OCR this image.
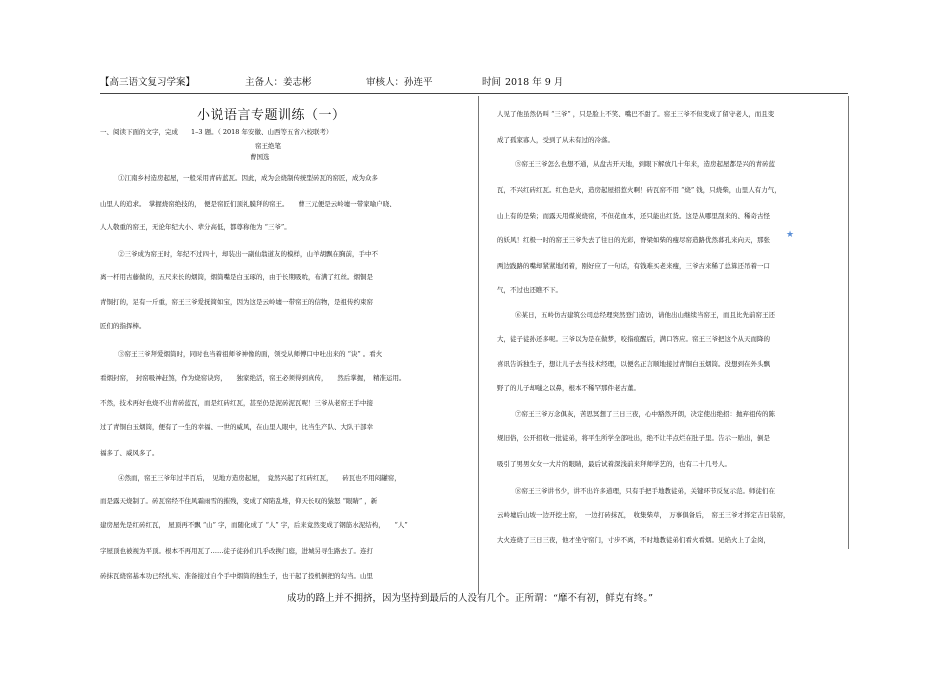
【高三语文复习学案】	主备人：姜志彬	审核人：孙连平	时间 2018 年 9 月
小说语言专题训练（一）
一、阅读下面的文字，完成　　1–3 题。（ 2018 年安徽、山西等五省六校联考）
窑王绝笔
曹国选
①江南乡村造房起屋，一般采用青砖蓝瓦。因此，成为会烧制传统型砖瓦的窑匠，成为众多
山里人的追求。　掌握烧窑绝技的，　便是窑匠们顶礼膜拜的窑王。　　曹三元便是云岭墟一带家喻户晓、
人人敬重的窑王，无论年纪大小、辈分高低，都尊称他为 “三爷”。
②三爷成为窑王时，年纪不过四十，却装出一副仙翁道友的模样，山羊胡飘在胸前，手中不
离一杆用古藤做的，五尺来长的烟筒，烟筒嘴是白玉琢的，由于长期吸吮，布满了红丝。烟铜是
青铜打的，足有一斤重，窑王三爷爱抚简如宝，因为这是云岭墟一带窑王的信物，是祖传约束窑
匠们的指挥棒。
③窑王三爷拜爱烟筒时，同时也当着祖师爷神像的面，领受从师傅口中吐出来的 “诀” 。看火
看烟封窑，　封窑吸神赶煞，作为烧窑诀窍，　　独家绝活，窑王必须得到真传，　　然后掌握，　精准运用。
不然，技术再好也烧不出青砖蓝瓦，而是红砖红瓦，甚至仍是泥砖泥瓦呢！三爷从老窑王手中接
过了青铜白玉烟筒，便有了一生的幸福、一世的威风，在山里人眼中，比当生产队、大队干部幸
福多了、威风多了。
④然而，窑王三爷年过半百后，　见地方造房起屋，　竟然兴起了红砖红瓦，　　砖瓦也不用闷罐窑，
而是露天烧制了。砖瓦窑经不住风霜雨雪的摧残，变成了窝陷乱堆，仰天长叹的猿怒 “眼睛” ，新
建房屋先是红砖红瓦，　屋顶再不飘 “山” 字，而随化成了 “人” 字，后来竟然变成了钢筋水泥结构，　　“人”
字屋顶也被视为平顶。根本不再用瓦了……徒子徒孙们几乎改换门庭，进城另寻生路去了。连打
砖抹瓦烧窑基本功已经扎实、准备接过自个手中烟筒的独生子，也干起了投机倒把的勾当。山里
人见了他虽然仍叫 “三爷” ，只是脸上不笑、嘴巴不甜了。窑王三爷不但变成了留守老人，而且变
成了孤家寡人，受到了从未有过的冷落。
⑤窑王三爷怎么也想不通，从盘古开天地，到眼下解放几十年来，造房起屋都是兴的青砖蓝
瓦，不兴红砖红瓦。红色是火，造房起屋招惹火啊！砖瓦窑不用 “烧” 钱，只烧柴，山里人有力气，
山上有的是柴；而露天用煤炭烧窑，不但花血本，还只能出红货。这是从哪里刮来的、稀奇古怪
的妖风！红极一时的窑王三爷失去了往日的光彩，脊梁如柴的瘦尽窑造路优然暮孔来向天，那张
两边践路的嘴却紧紧地闭着，刚好应了一句话，有钱难买老来瘦，三爷古来稀了总算还吊着一口
气，不过也还瞧不下。
⑥某日，五岭仿古建筑公司总经理突然登门造访，请他出山继续当窑王，而且比先前窑王还
大，徒子徒孙还多呢。三爷以为是在做梦，咬指痕醒后，满口答应。窑王三爷把这个从天而降的
喜讯告诉独生子，想让儿子去当技术经理，以便名正言顺地接过青铜白玉烟筒。没想到在外头飘
野了的儿子却嗤之以鼻，根本不稀罕那件老古董。
⑦窑王三爷万念俱灰，苦思冥想了三日三夜，心中豁然开朗，决定使出绝招：抛弃祖传的陈
规旧俗，公开招收一批徒弟，将平生所学全部吐出，绝不让半点烂在肚子里。告示一贴出，倒是
吸引了男男女女一大片的眼睛，最后试着深浅前来拜师学艺的，也有二十几号人。
⑧窑王三爷讲书少，讲不出许多道理，只有手把手地教徒弟，关键环节反复示范。师徒们在
云岭墟后山坡一边开挖土窑，　一边打砖抹瓦，　收集柴草，　万事俱备后，　窑王三爷才择定吉日装窑，
大火连烧了三日三夜，他才坐守窑门，寸步不离，不时地教徒弟们看火看烟。见焰火上了金岗，
★
成功的路上并不拥挤，因为坚持到最后的人没有几个。正所谓：“靡不有初，鲜克有终。”
